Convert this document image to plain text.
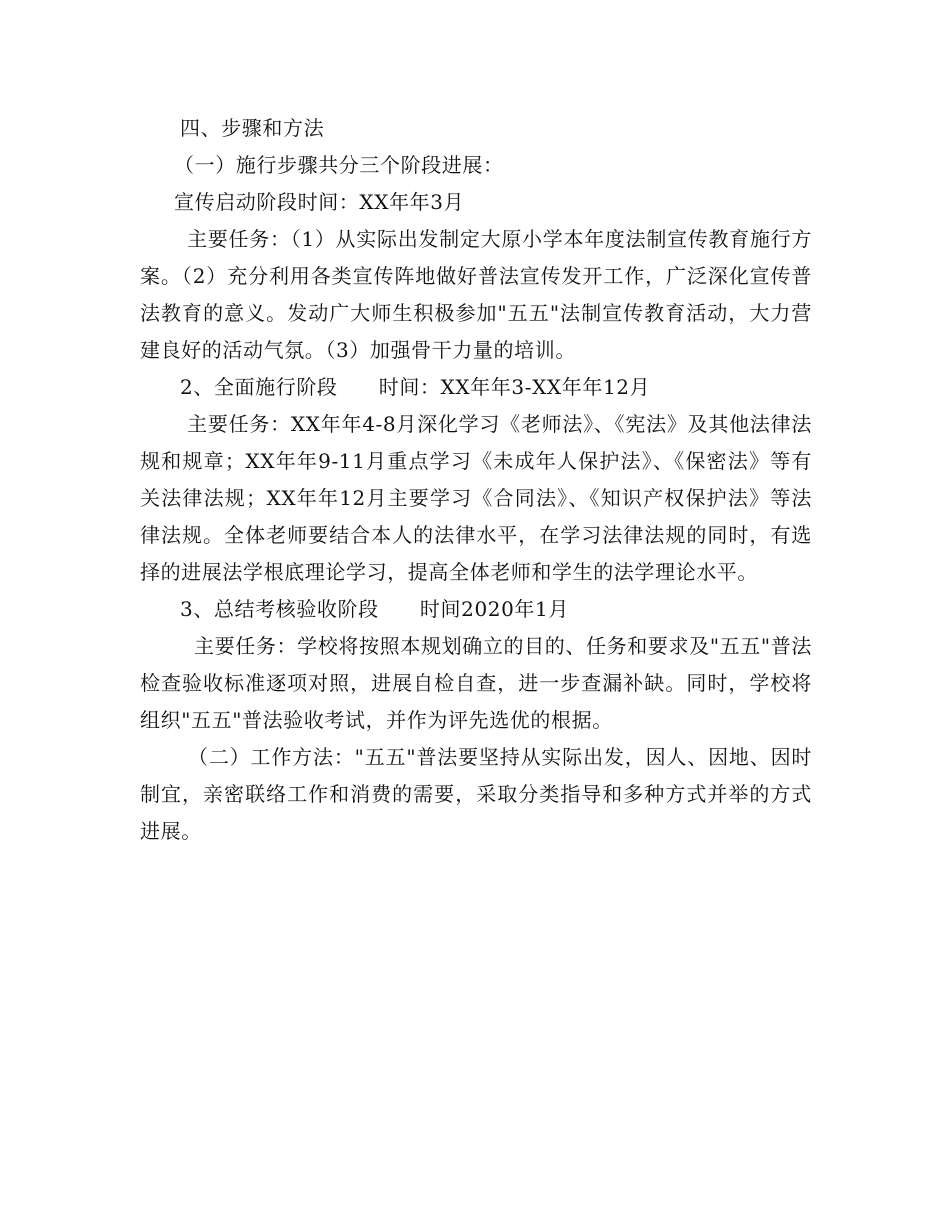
四、步骤和方法

（一）施行步骤共分三个阶段进展：

宣传启动阶段时间：XX年年3月

主要任务：（1）从实际出发制定大原小学本年度法制宣传教育施行方案。（2）充分利用各类宣传阵地做好普法宣传发开工作，广泛深化宣传普法教育的意义。发动广大师生积极参加"五五"法制宣传教育活动，大力营建良好的活动气氛。（3）加强骨干力量的培训。

2、全面施行阶段　　时间：XX年年3-XX年年12月

主要任务：XX年年4-8月深化学习《老师法》、《宪法》及其他法律法规和规章；XX年年9-11月重点学习《未成年人保护法》、《保密法》等有关法律法规；XX年年12月主要学习《合同法》、《知识产权保护法》等法律法规。全体老师要结合本人的法律水平，在学习法律法规的同时，有选择的进展法学根底理论学习，提高全体老师和学生的法学理论水平。

3、总结考核验收阶段　　时间2020年1月

主要任务：学校将按照本规划确立的目的、任务和要求及"五五"普法检查验收标准逐项对照，进展自检自查，进一步查漏补缺。同时，学校将组织"五五"普法验收考试，并作为评先选优的根据。

（二）工作方法："五五"普法要坚持从实际出发，因人、因地、因时制宜，亲密联络工作和消费的需要，采取分类指导和多种方式并举的方式进展。
